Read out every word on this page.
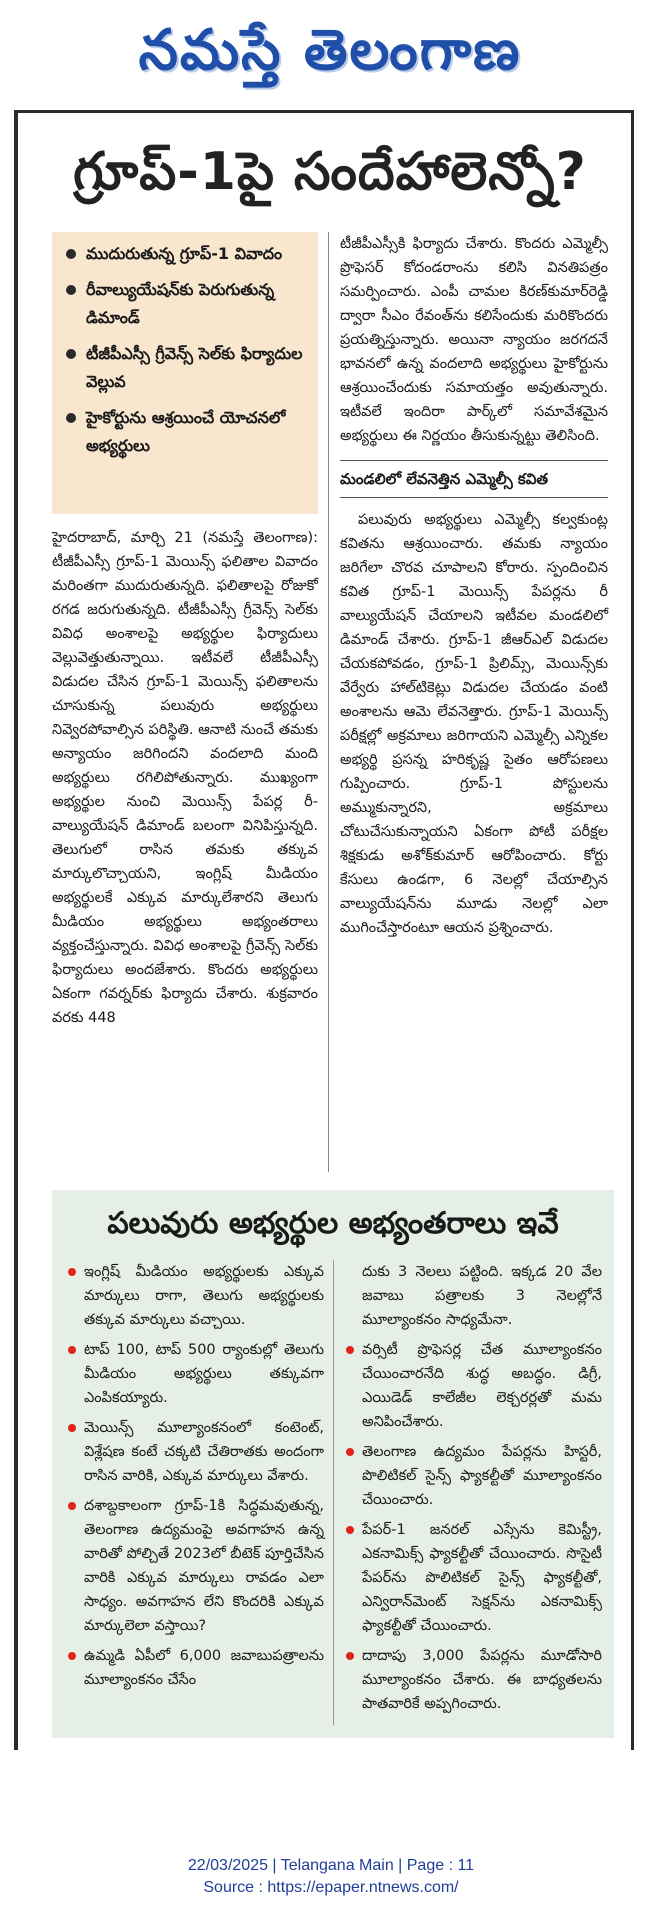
నమస్తే తెలంగాణ
గ్రూప్-1పై సందేహాలెన్నో?
ముదురుతున్న గ్రూప్-1 వివాదం
రీవాల్యుయేషన్‌కు పెరుగుతున్న డిమాండ్
టీజీపీఎస్సీ గ్రీవెన్స్ సెల్‌కు ఫిర్యాదుల వెల్లువ
హైకోర్టును ఆశ్రయించే యోచనలో అభ్యర్థులు

హైదరాబాద్, మార్చి 21 (నమస్తే తెలంగాణ): టీజీపీఎస్సీ గ్రూప్-1 మెయిన్స్ ఫలితాల వివాదం మరింతగా ముదురుతున్నది. ఫలితాలపై రోజుకో రగడ జరుగుతున్నది. టీజీపీఎస్సీ గ్రీవెన్స్ సెల్‌కు వివిధ అంశాలపై అభ్యర్థుల ఫిర్యాదులు వెల్లువెత్తుతున్నాయి. ఇటీవలే టీజీపీఎస్సీ విడుదల చేసిన గ్రూప్-1 మెయిన్స్ ఫలితాలను చూసుకున్న పలువురు అభ్యర్థులు నివ్వెరపోవాల్సిన పరిస్థితి. ఆనాటి నుంచే తమకు అన్యాయం జరిగిందని వందలాది మంది అభ్యర్థులు రగిలిపోతున్నారు. ముఖ్యంగా అభ్యర్థుల నుంచి మెయిన్స్ పేపర్ల రీ-వాల్యుయేషన్ డిమాండ్ బలంగా వినిపిస్తున్నది. తెలుగులో రాసిన తమకు తక్కువ మార్కులొచ్చాయని, ఇంగ్లిష్ మీడియం అభ్యర్థులకే ఎక్కువ మార్కులేశారని తెలుగు మీడియం అభ్యర్థులు అభ్యంతరాలు వ్యక్తంచేస్తున్నారు. వివిధ అంశాలపై గ్రీవెన్స్ సెల్‌కు ఫిర్యాదులు అందజేశారు. కొందరు అభ్యర్థులు ఏకంగా గవర్నర్‌కు ఫిర్యాదు చేశారు. శుక్రవారం వరకు 448

టీజీపీఎస్సీకి ఫిర్యాదు చేశారు. కొందరు ఎమ్మెల్సీ ప్రొఫెసర్ కోదండరాంను కలిసి వినతిపత్రం సమర్పించారు. ఎంపీ చామల కిరణ్‌కుమార్‌రెడ్డి ద్వారా సీఎం రేవంత్‌ను కలిసేందుకు మరికొందరు ప్రయత్నిస్తున్నారు. అయినా న్యాయం జరగదనే భావనలో ఉన్న వందలాది అభ్యర్థులు హైకోర్టును ఆశ్రయించేందుకు సమాయత్తం అవుతున్నారు. ఇటీవలే ఇందిరా పార్క్‌లో సమావేశమైన అభ్యర్థులు ఈ నిర్ణయం తీసుకున్నట్టు తెలిసింది.

మండలిలో లేవనెత్తిన ఎమ్మెల్సీ కవిత

పలువురు అభ్యర్థులు ఎమ్మెల్సీ కల్వకుంట్ల కవితను ఆశ్రయించారు. తమకు న్యాయం జరిగేలా చొరవ చూపాలని కోరారు. స్పందించిన కవిత గ్రూప్-1 మెయిన్స్ పేపర్లను రీ వాల్యుయేషన్ చేయాలని ఇటీవల మండలిలో డిమాండ్ చేశారు. గ్రూప్-1 జీఆర్‌ఎల్ విడుదల చేయకపోవడం, గ్రూప్-1 ప్రిలిమ్స్, మెయిన్స్‌కు వేర్వేరు హాల్‌టికెట్లు విడుదల చేయడం వంటి అంశాలను ఆమె లేవనెత్తారు. గ్రూప్-1 మెయిన్స్ పరీక్షల్లో అక్రమాలు జరిగాయని ఎమ్మెల్సీ ఎన్నికల అభ్యర్థి ప్రసన్న హరికృష్ణ సైతం ఆరోపణలు గుప్పించారు. గ్రూప్-1 పోస్టులను అమ్ముకున్నారని, అక్రమాలు చోటుచేసుకున్నాయని ఏకంగా పోటీ పరీక్షల శిక్షకుడు అశోక్‌కుమార్ ఆరోపించారు. కోర్టు కేసులు ఉండగా, 6 నెలల్లో చేయాల్సిన వాల్యుయేషన్‌ను మూడు నెలల్లో ఎలా ముగించేస్తారంటూ ఆయన ప్రశ్నించారు.

పలువురు అభ్యర్థుల అభ్యంతరాలు ఇవే
ఇంగ్లిష్ మీడియం అభ్యర్థులకు ఎక్కువ మార్కులు రాగా, తెలుగు అభ్యర్థులకు తక్కువ మార్కులు వచ్చాయి.
టాప్ 100, టాప్ 500 ర్యాంకుల్లో తెలుగు మీడియం అభ్యర్థులు తక్కువగా ఎంపికయ్యారు.
మెయిన్స్ మూల్యాంకనంలో కంటెంట్, విశ్లేషణ కంటే చక్కటి చేతిరాతకు అందంగా రాసిన వారికి, ఎక్కువ మార్కులు వేశారు.
దశాబ్దకాలంగా గ్రూప్-1కి సిద్ధమవుతున్న, తెలంగాణ ఉద్యమంపై అవగాహన ఉన్న వారితో పోల్చితే 2023లో బీటెక్ పూర్తిచేసిన వారికి ఎక్కువ మార్కులు రావడం ఎలా సాధ్యం. అవగాహన లేని కొందరికి ఎక్కువ మార్కులెలా వస్తాయి?
ఉమ్మడి ఏపీలో 6,000 జవాబుపత్రాలను మూల్యాంకనం చేసేం
దుకు 3 నెలలు పట్టింది. ఇక్కడ 20 వేల జవాబు పత్రాలకు 3 నెలల్లోనే మూల్యాంకనం సాధ్యమేనా.
వర్సిటీ ప్రొఫెసర్ల చేత మూల్యాంకనం చేయించారనేది శుద్ధ అబద్ధం. డిగ్రీ, ఎయిడెడ్ కాలేజీల లెక్చరర్లతో మమ అనిపించేశారు.
తెలంగాణ ఉద్యమం పేపర్లను హిస్టరీ, పొలిటికల్ సైన్స్ ఫ్యాకల్టీతో మూల్యాంకనం చేయించారు.
పేపర్-1 జనరల్ ఎస్సేను కెమిస్ట్రీ, ఎకనామిక్స్ ఫ్యాకల్టీతో చేయించారు. సొసైటీ పేపర్‌ను పొలిటికల్ సైన్స్ ఫ్యాకల్టీతో, ఎన్విరాన్‌మెంట్ సెక్షన్‌ను ఎకనామిక్స్ ఫ్యాకల్టీతో చేయించారు.
దాదాపు 3,000 పేపర్లను మూడోసారి మూల్యాంకనం చేశారు. ఈ బాధ్యతలను పాతవారికే అప్పగించారు.
22/03/2025 | Telangana Main | Page : 11
Source : https://epaper.ntnews.com/
